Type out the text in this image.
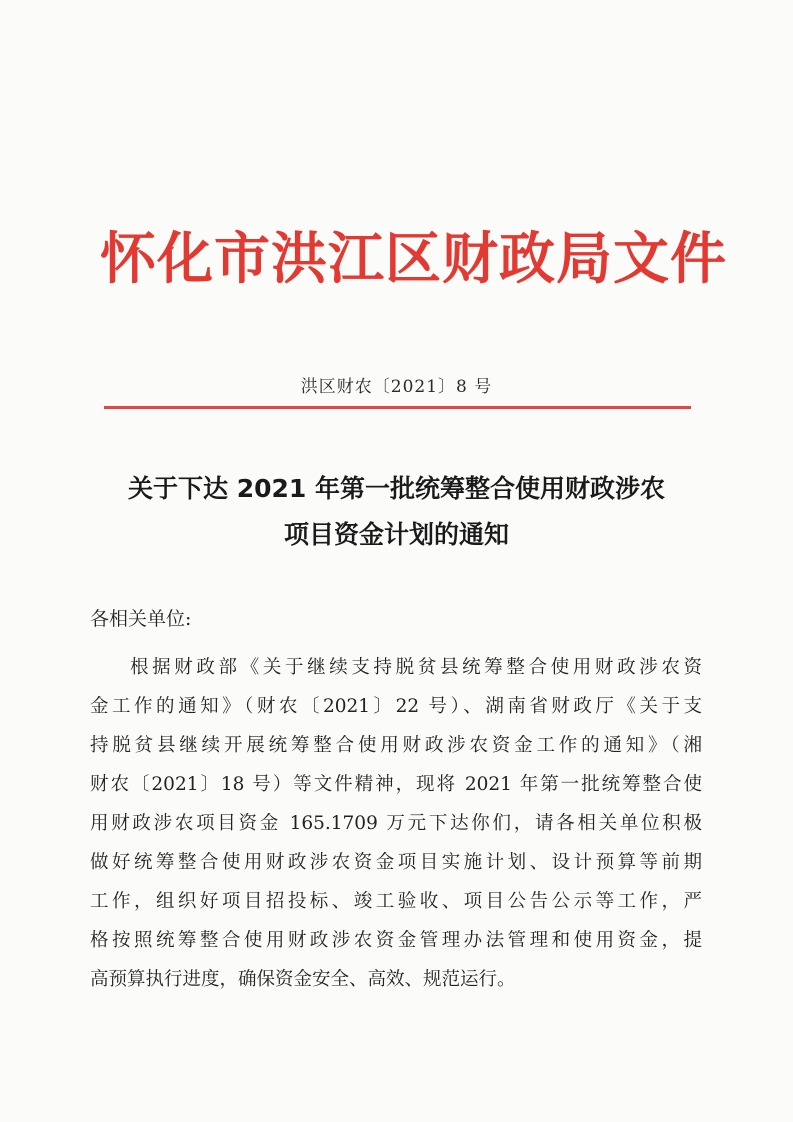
怀化市洪江区财政局文件
洪区财农〔2021〕8 号
关于下达 2021 年第一批统筹整合使用财政涉农
项目资金计划的通知
各相关单位:
根据财政部《关于继续支持脱贫县统筹整合使用财政涉农资
金工作的通知》（财农〔2021〕22 号）、湖南省财政厅《关于支
持脱贫县继续开展统筹整合使用财政涉农资金工作的通知》（湘
财农〔2021〕18 号）等文件精神，现将 2021 年第一批统筹整合使
用财政涉农项目资金 165.1709 万元下达你们，请各相关单位积极
做好统筹整合使用财政涉农资金项目实施计划、设计预算等前期
工作，组织好项目招投标、竣工验收、项目公告公示等工作，严
格按照统筹整合使用财政涉农资金管理办法管理和使用资金，提
高预算执行进度，确保资金安全、高效、规范运行。
